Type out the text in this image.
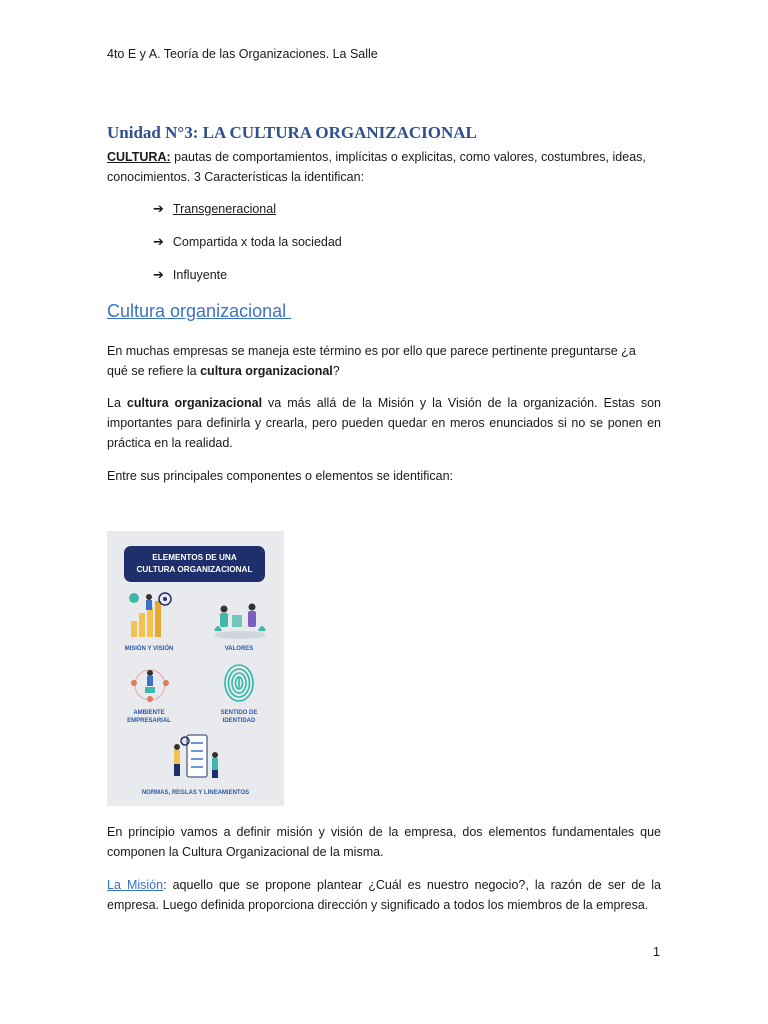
4to E y A. Teoría de las Organizaciones. La Salle
Unidad N°3: LA CULTURA ORGANIZACIONAL
CULTURA: pautas de comportamientos, implícitas o explicitas, como valores, costumbres, ideas,
conocimientos. 3 Características la identifican:
➔ Transgeneracional
➔ Compartida x toda la sociedad
➔ Influyente
Cultura organizacional
En muchas empresas se maneja este término es por ello que parece pertinente preguntarse ¿a
qué se refiere la cultura organizacional?
La cultura organizacional va más allá de la Misión y la Visión de la organización. Estas son
importantes para definirla y crearla, pero pueden quedar en meros enunciados si no se ponen en
práctica en la realidad.
Entre sus principales componentes o elementos se identifican:
ELEMENTOS DE UNA
CULTURA ORGANIZACIONAL
MISIÓN Y VISIÓN	VALORES
AMBIENTE
EMPRESARIAL
SENTIDO DE
IDENTIDAD
NORMAS, REGLAS Y LINEAMIENTOS
En principio vamos a definir misión y visión de la empresa, dos elementos fundamentales que
componen la Cultura Organizacional de la misma.
La Misión: aquello que se propone plantear ¿Cuál es nuestro negocio?, la razón de ser de la
empresa. Luego definida proporciona dirección y significado a todos los miembros de la empresa.
1
